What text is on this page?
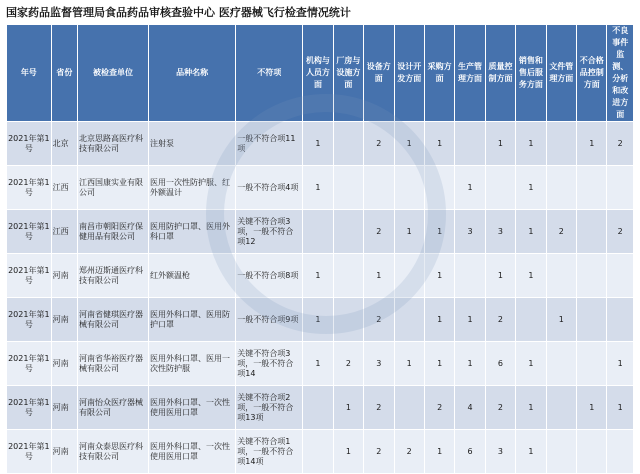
国家药品监督管理局食品药品审核查验中心 医疗器械飞行检查情况统计
年号	省份	被检查单位	品种名称	不符项	机构与人员方面	厂房与设施方面	设备方面	设计开发方面	采购方面	生产管理方面	质量控制方面	销售和售后服务方面	文件管理方面	不合格品控制方面	不良事件监测、分析和改进方面
2021年第1号	北京	北京思路高医疗科技有限公司	注射泵	一般不符合项11项	1		2	1	1		1	1		1	2
2021年第1号	江西	江西国康实业有限公司	医用一次性防护服、红外额温计	一般不符合项4项	1					1		1			
2021年第1号	江西	南昌市朝阳医疗保健用品有限公司	医用防护口罩、医用外科口罩	关键不符合项3项，一般不符合项12			2	1	1	3	3	1	2		2
2021年第1号	河南	郑州迈斯通医疗科技有限公司	红外额温枪	一般不符合项8项	1		1		1		1	1			
2021年第1号	河南	河南省健琪医疗器械有限公司	医用外科口罩、医用防护口罩	一般不符合项9项	1		2		1	1	2		1		
2021年第1号	河南	河南省华裕医疗器械有限公司	医用外科口罩、医用一次性防护服	关键不符合项3项，一般不符合项14	1	2	3	1	1	1	6	1			1
2021年第1号	河南	河南怡众医疗器械有限公司	医用外科口罩、一次性使用医用口罩	关键不符合项2项，一般不符合项13项		1	2		2	4	2	1		1	1
2021年第1号	河南	河南众泰思医疗科技有限公司	医用外科口罩、一次性使用医用口罩	关键不符合项1项，一般不符合项14项		1	2	2	1	6	3	1			
